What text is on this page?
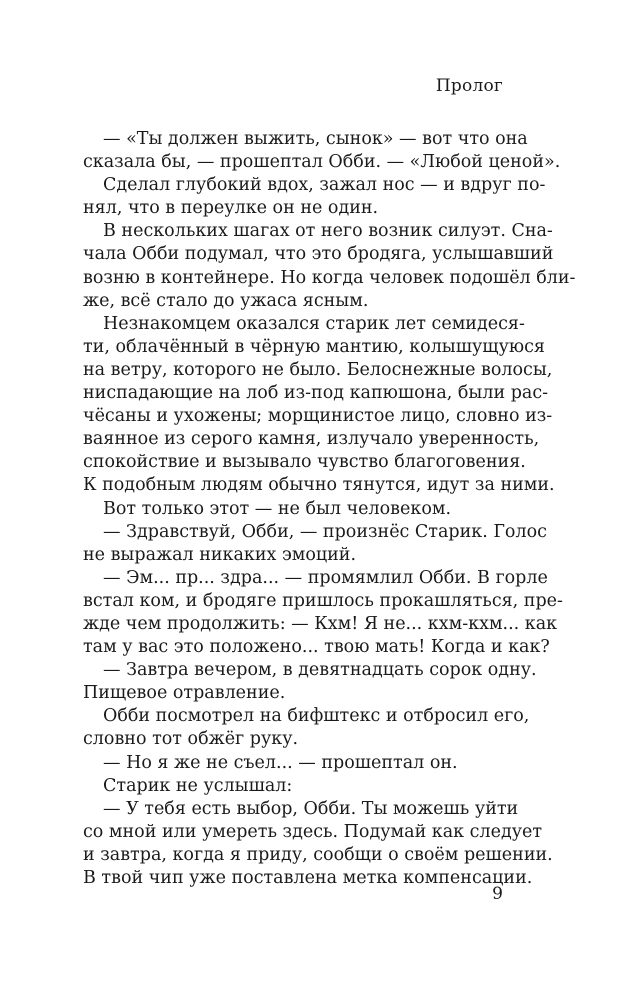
Пролог
— «Ты должен выжить, сынок» — вот что она
сказала бы, — прошептал Обби. — «Любой ценой».
Сделал глубокий вдох, зажал нос — и вдруг по-
нял, что в переулке он не один.
В нескольких шагах от него возник силуэт. Сна-
чала Обби подумал, что это бродяга, услышавший
возню в контейнере. Но когда человек подошёл бли-
же, всё стало до ужаса ясным.
Незнакомцем оказался старик лет семидеся-
ти, облачённый в чёрную мантию, колышущуюся
на ветру, которого не было. Белоснежные волосы,
ниспадающие на лоб из-под капюшона, были рас-
чёсаны и ухожены; морщинистое лицо, словно из-
ваянное из серого камня, излучало уверенность,
спокойствие и вызывало чувство благоговения.
К подобным людям обычно тянутся, идут за ними.
Вот только этот — не был человеком.
— Здравствуй, Обби, — произнёс Старик. Голос
не выражал никаких эмоций.
— Эм... пр... здра... — промямлил Обби. В горле
встал ком, и бродяге пришлось прокашляться, пре-
жде чем продолжить: — Кхм! Я не... кхм-кхм... как
там у вас это положено... твою мать! Когда и как?
— Завтра вечером, в девятнадцать сорок одну.
Пищевое отравление.
Обби посмотрел на бифштекс и отбросил его,
словно тот обжёг руку.
— Но я же не съел... — прошептал он.
Старик не услышал:
— У тебя есть выбор, Обби. Ты можешь уйти
со мной или умереть здесь. Подумай как следует
и завтра, когда я приду, сообщи о своём решении.
В твой чип уже поставлена метка компенсации.
9
